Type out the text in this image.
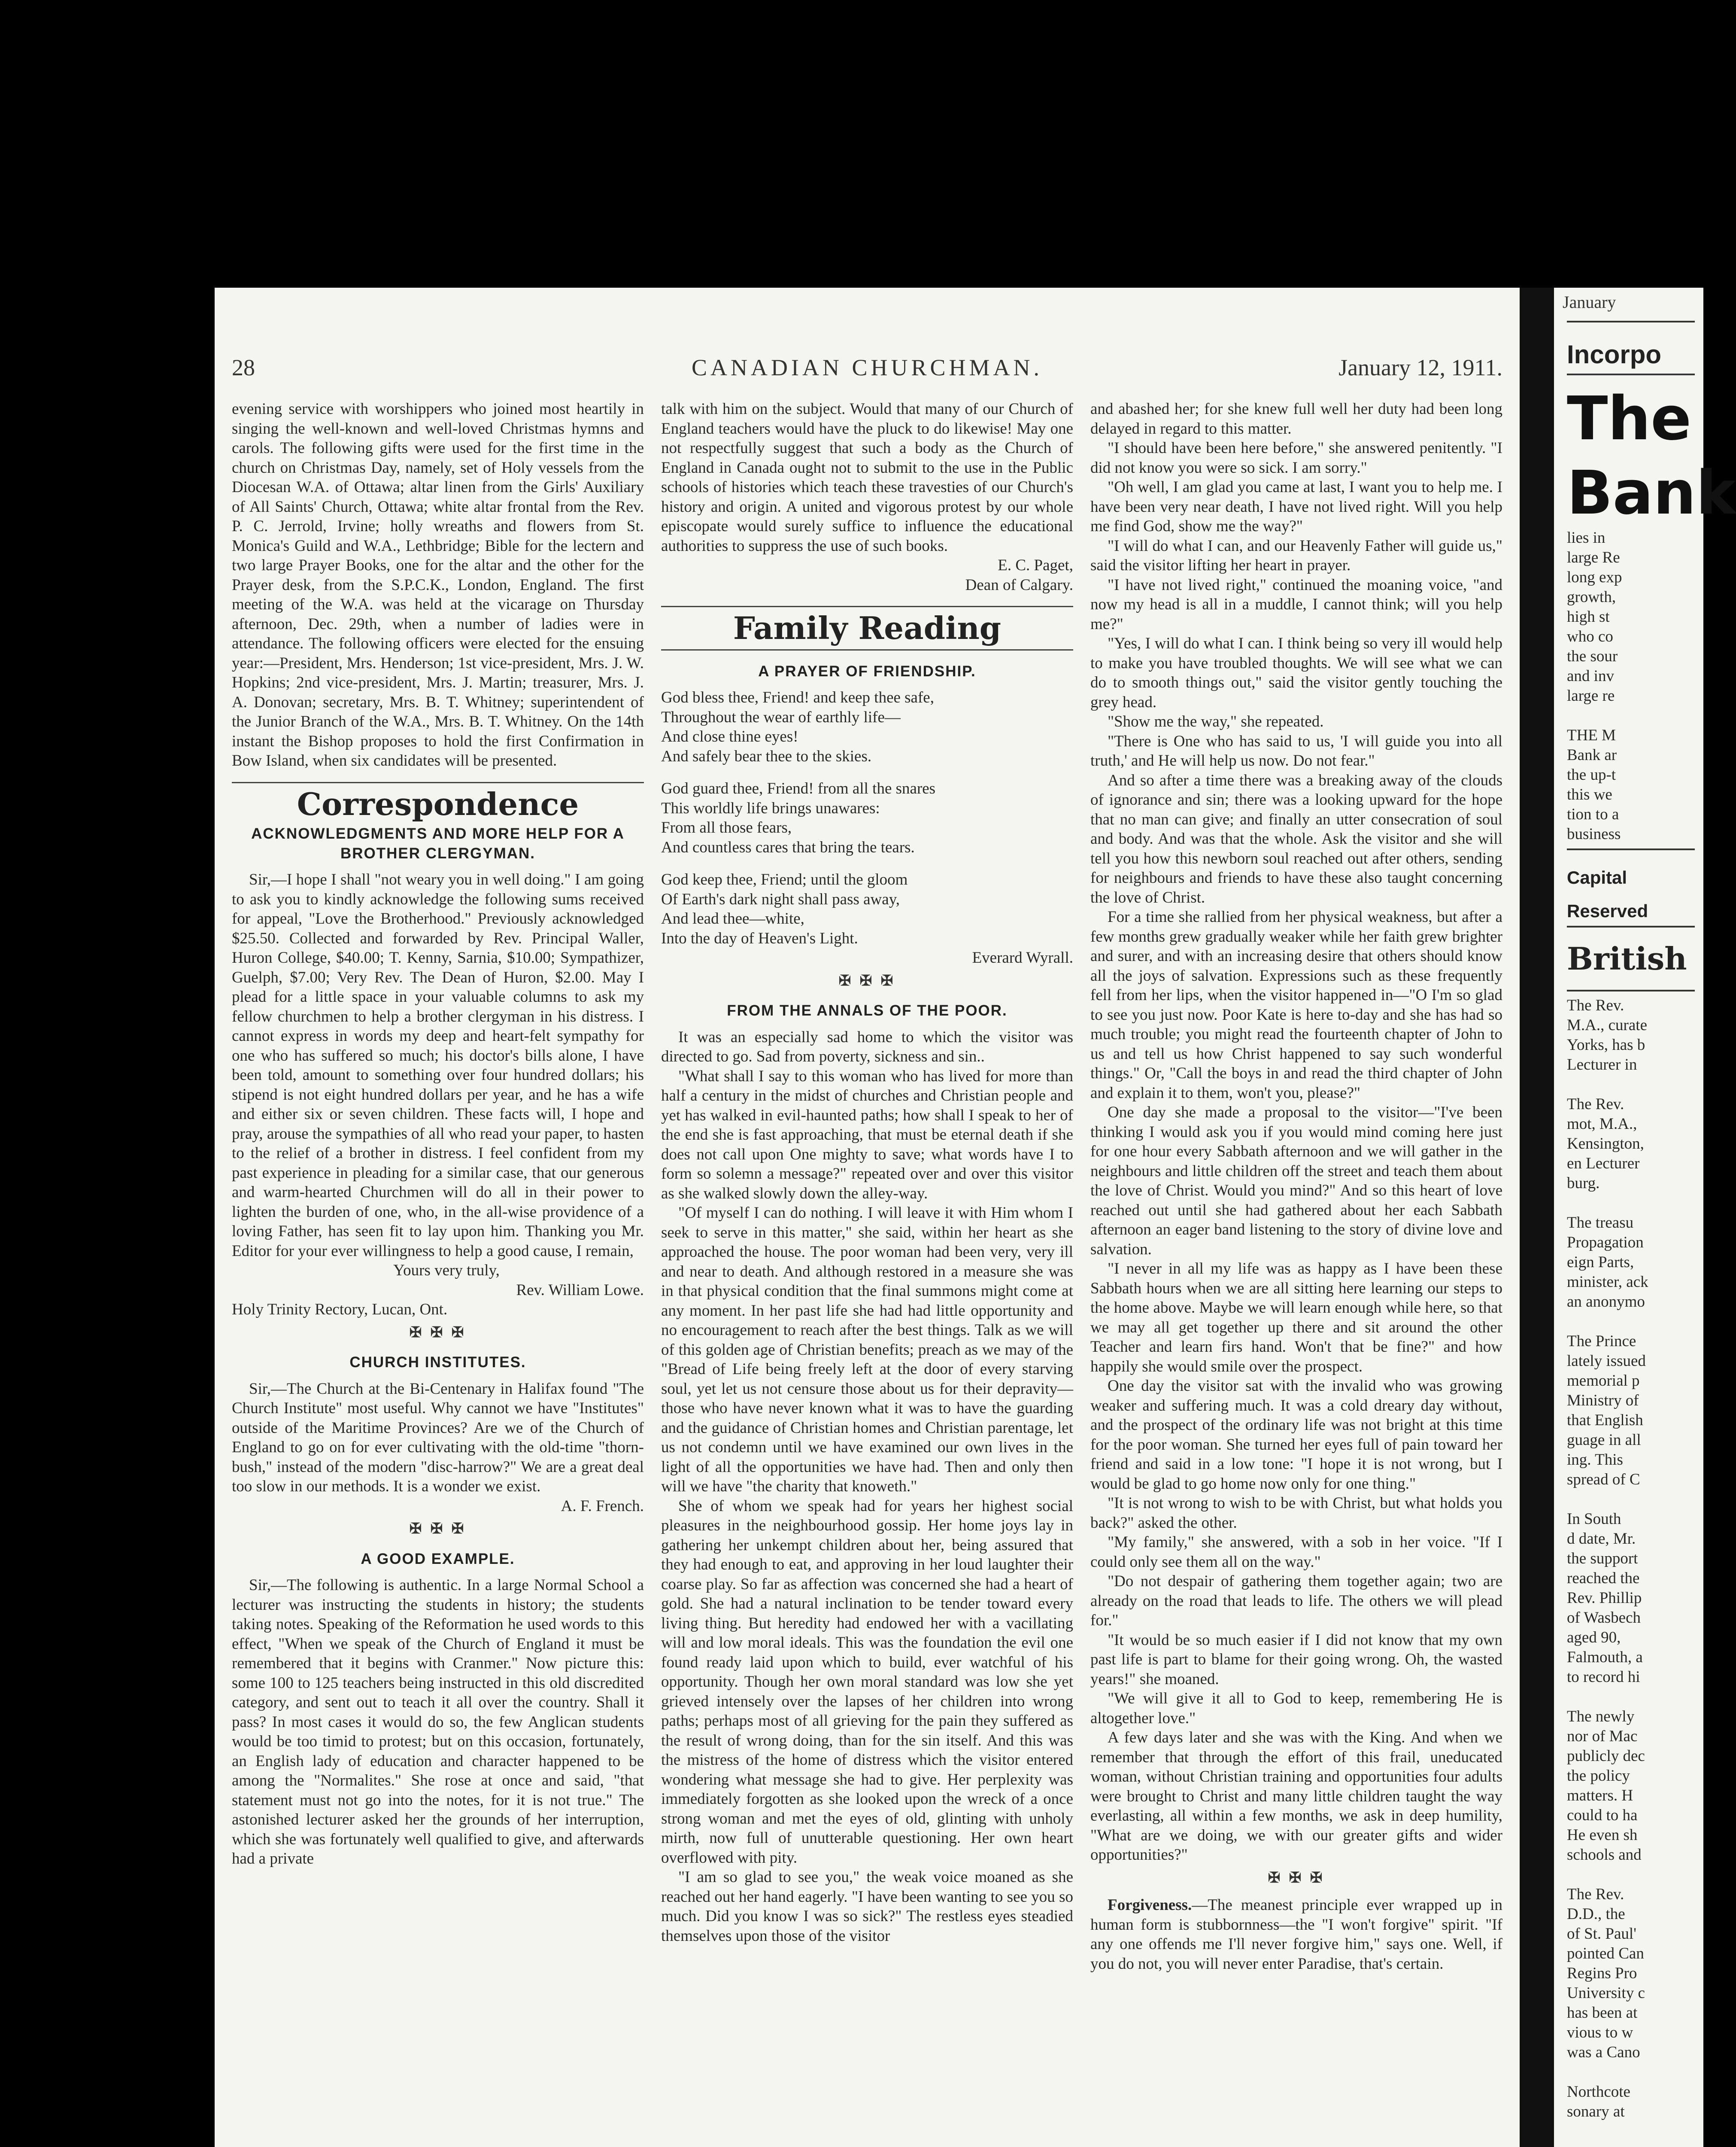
28	CANADIAN CHURCHMAN.	January 12, 1911.

evening service with worshippers who joined most heartily in singing the well-known and well-loved Christmas hymns and carols. The following gifts were used for the first time in the church on Christmas Day, namely, set of Holy vessels from the Diocesan W.A. of Ottawa; altar linen from the Girls' Auxiliary of All Saints' Church, Ottawa; white altar frontal from the Rev. P. C. Jerrold, Irvine; holly wreaths and flowers from St. Monica's Guild and W.A., Lethbridge; Bible for the lectern and two large Prayer Books, one for the altar and the other for the Prayer desk, from the S.P.C.K., London, England. The first meeting of the W.A. was held at the vicarage on Thursday afternoon, Dec. 29th, when a number of ladies were in attendance. The following officers were elected for the ensuing year:—President, Mrs. Henderson; 1st vice-president, Mrs. J. W. Hopkins; 2nd vice-president, Mrs. J. Martin; treasurer, Mrs. J. A. Donovan; secretary, Mrs. B. T. Whitney; superintendent of the Junior Branch of the W.A., Mrs. B. T. Whitney. On the 14th instant the Bishop proposes to hold the first Confirmation in Bow Island, when six candidates will be presented.

Correspondence
ACKNOWLEDGMENTS AND MORE HELP FOR A BROTHER CLERGYMAN.

Sir,—I hope I shall "not weary you in well doing." I am going to ask you to kindly acknowledge the following sums received for appeal, "Love the Brotherhood." Previously acknowledged $25.50. Collected and forwarded by Rev. Principal Waller, Huron College, $40.00; T. Kenny, Sarnia, $10.00; Sympathizer, Guelph, $7.00; Very Rev. The Dean of Huron, $2.00. May I plead for a little space in your valuable columns to ask my fellow churchmen to help a brother clergyman in his distress. I cannot express in words my deep and heart-felt sympathy for one who has suffered so much; his doctor's bills alone, I have been told, amount to something over four hundred dollars; his stipend is not eight hundred dollars per year, and he has a wife and either six or seven children. These facts will, I hope and pray, arouse the sympathies of all who read your paper, to hasten to the relief of a brother in distress. I feel confident from my past experience in pleading for a similar case, that our generous and warm-hearted Churchmen will do all in their power to lighten the burden of one, who, in the all-wise providence of a loving Father, has seen fit to lay upon him. Thanking you Mr. Editor for your ever willingness to help a good cause, I remain,

Yours very truly,

Rev. William Lowe.

Holy Trinity Rectory, Lucan, Ont.

✠ ✠ ✠
CHURCH INSTITUTES.

Sir,—The Church at the Bi-Centenary in Halifax found "The Church Institute" most useful. Why cannot we have "Institutes" outside of the Maritime Provinces? Are we of the Church of England to go on for ever cultivating with the old-time "thorn-bush," instead of the modern "disc-harrow?" We are a great deal too slow in our methods. It is a wonder we exist.

A. F. French.

✠ ✠ ✠
A GOOD EXAMPLE.

Sir,—The following is authentic. In a large Normal School a lecturer was instructing the students in history; the students taking notes. Speaking of the Reformation he used words to this effect, "When we speak of the Church of England it must be remembered that it begins with Cranmer." Now picture this: some 100 to 125 teachers being instructed in this old discredited category, and sent out to teach it all over the country. Shall it pass? In most cases it would do so, the few Anglican students would be too timid to protest; but on this occasion, fortunately, an English lady of education and character happened to be among the "Normalites." She rose at once and said, "that statement must not go into the notes, for it is not true." The astonished lecturer asked her the grounds of her interruption, which she was fortunately well qualified to give, and afterwards had a private

talk with him on the subject. Would that many of our Church of England teachers would have the pluck to do likewise! May one not respectfully suggest that such a body as the Church of England in Canada ought not to submit to the use in the Public schools of histories which teach these travesties of our Church's history and origin. A united and vigorous protest by our whole episcopate would surely suffice to influence the educational authorities to suppress the use of such books.

E. C. Paget,

Dean of Calgary.

Family Reading
A PRAYER OF FRIENDSHIP.

God bless thee, Friend! and keep thee safe,

Throughout the wear of earthly life—

And close thine eyes!

And safely bear thee to the skies.

God guard thee, Friend! from all the snares

This worldly life brings unawares:

From all those fears,

And countless cares that bring the tears.

God keep thee, Friend; until the gloom

Of Earth's dark night shall pass away,

And lead thee—white,

Into the day of Heaven's Light.

Everard Wyrall.

✠ ✠ ✠
FROM THE ANNALS OF THE POOR.

It was an especially sad home to which the visitor was directed to go. Sad from poverty, sickness and sin..

"What shall I say to this woman who has lived for more than half a century in the midst of churches and Christian people and yet has walked in evil-haunted paths; how shall I speak to her of the end she is fast approaching, that must be eternal death if she does not call upon One mighty to save; what words have I to form so solemn a message?" repeated over and over this visitor as she walked slowly down the alley-way.

"Of myself I can do nothing. I will leave it with Him whom I seek to serve in this matter," she said, within her heart as she approached the house. The poor woman had been very, very ill and near to death. And although restored in a measure she was in that physical condition that the final summons might come at any moment. In her past life she had had little opportunity and no encouragement to reach after the best things. Talk as we will of this golden age of Christian benefits; preach as we may of the "Bread of Life being freely left at the door of every starving soul, yet let us not censure those about us for their depravity—those who have never known what it was to have the guarding and the guidance of Christian homes and Christian parentage, let us not condemn until we have examined our own lives in the light of all the opportunities we have had. Then and only then will we have "the charity that knoweth."

She of whom we speak had for years her highest social pleasures in the neighbourhood gossip. Her home joys lay in gathering her unkempt children about her, being assured that they had enough to eat, and approving in her loud laughter their coarse play. So far as affection was concerned she had a heart of gold. She had a natural inclination to be tender toward every living thing. But heredity had endowed her with a vacillating will and low moral ideals. This was the foundation the evil one found ready laid upon which to build, ever watchful of his opportunity. Though her own moral standard was low she yet grieved intensely over the lapses of her children into wrong paths; perhaps most of all grieving for the pain they suffered as the result of wrong doing, than for the sin itself. And this was the mistress of the home of distress which the visitor entered wondering what message she had to give. Her perplexity was immediately forgotten as she looked upon the wreck of a once strong woman and met the eyes of old, glinting with unholy mirth, now full of unutterable questioning. Her own heart overflowed with pity.

"I am so glad to see you," the weak voice moaned as she reached out her hand eagerly. "I have been wanting to see you so much. Did you know I was so sick?" The restless eyes steadied themselves upon those of the visitor

and abashed her; for she knew full well her duty had been long delayed in regard to this matter.

"I should have been here before," she answered penitently. "I did not know you were so sick. I am sorry."

"Oh well, I am glad you came at last, I want you to help me. I have been very near death, I have not lived right. Will you help me find God, show me the way?"

"I will do what I can, and our Heavenly Father will guide us," said the visitor lifting her heart in prayer.

"I have not lived right," continued the moaning voice, "and now my head is all in a muddle, I cannot think; will you help me?"

"Yes, I will do what I can. I think being so very ill would help to make you have troubled thoughts. We will see what we can do to smooth things out," said the visitor gently touching the grey head.

"Show me the way," she repeated.

"There is One who has said to us, 'I will guide you into all truth,' and He will help us now. Do not fear."

And so after a time there was a breaking away of the clouds of ignorance and sin; there was a looking upward for the hope that no man can give; and finally an utter consecration of soul and body. And was that the whole. Ask the visitor and she will tell you how this newborn soul reached out after others, sending for neighbours and friends to have these also taught concerning the love of Christ.

For a time she rallied from her physical weakness, but after a few months grew gradually weaker while her faith grew brighter and surer, and with an increasing desire that others should know all the joys of salvation. Expressions such as these frequently fell from her lips, when the visitor happened in—"O I'm so glad to see you just now. Poor Kate is here to-day and she has had so much trouble; you might read the fourteenth chapter of John to us and tell us how Christ happened to say such wonderful things." Or, "Call the boys in and read the third chapter of John and explain it to them, won't you, please?"

One day she made a proposal to the visitor—"I've been thinking I would ask you if you would mind coming here just for one hour every Sabbath afternoon and we will gather in the neighbours and little children off the street and teach them about the love of Christ. Would you mind?" And so this heart of love reached out until she had gathered about her each Sabbath afternoon an eager band listening to the story of divine love and salvation.

"I never in all my life was as happy as I have been these Sabbath hours when we are all sitting here learning our steps to the home above. Maybe we will learn enough while here, so that we may all get together up there and sit around the other Teacher and learn firs hand. Won't that be fine?" and how happily she would smile over the prospect.

One day the visitor sat with the invalid who was growing weaker and suffering much. It was a cold dreary day without, and the prospect of the ordinary life was not bright at this time for the poor woman. She turned her eyes full of pain toward her friend and said in a low tone: "I hope it is not wrong, but I would be glad to go home now only for one thing."

"It is not wrong to wish to be with Christ, but what holds you back?" asked the other.

"My family," she answered, with a sob in her voice. "If I could only see them all on the way."

"Do not despair of gathering them together again; two are already on the road that leads to life. The others we will plead for."

"It would be so much easier if I did not know that my own past life is part to blame for their going wrong. Oh, the wasted years!" she moaned.

"We will give it all to God to keep, remembering He is altogether love."

A few days later and she was with the King. And when we remember that through the effort of this frail, uneducated woman, without Christian training and opportunities four adults were brought to Christ and many little children taught the way everlasting, all within a few months, we ask in deep humility, "What are we doing, we with our greater gifts and wider opportunities?"

✠ ✠ ✠

Forgiveness.—The meanest principle ever wrapped up in human form is stubbornness—the "I won't forgive" spirit. "If any one offends me I'll never forgive him," says one. Well, if you do not, you will never enter Paradise, that's certain.

January
Incorpo
The
Bank
lies in
large Re
long exp
growth,
high st
who co
the sour
and inv
large re

THE M
Bank ar
the up-t
this we
tion to a
business
Capital
Reserved
British
The Rev.
M.A., curate
Yorks, has b
Lecturer in

The Rev.
mot, M.A.,
Kensington,
en Lecturer
burg.

The treasu
Propagation
eign Parts,
minister, ack
an anonymo

The Prince
lately issued
memorial p
Ministry of
that English
guage in all
ing. This
spread of C

In South
d date, Mr.
the support
reached the
Rev. Phillip
of Wasbech
aged 90,
Falmouth, a
to record hi

The newly
nor of Mac
publicly dec
the policy
matters. H
could to ha
He even sh
schools and

The Rev.
D.D., the
of St. Paul'
pointed Can
Regins Pro
University c
has been at
vious to w
was a Cano

Northcote
sonary at
